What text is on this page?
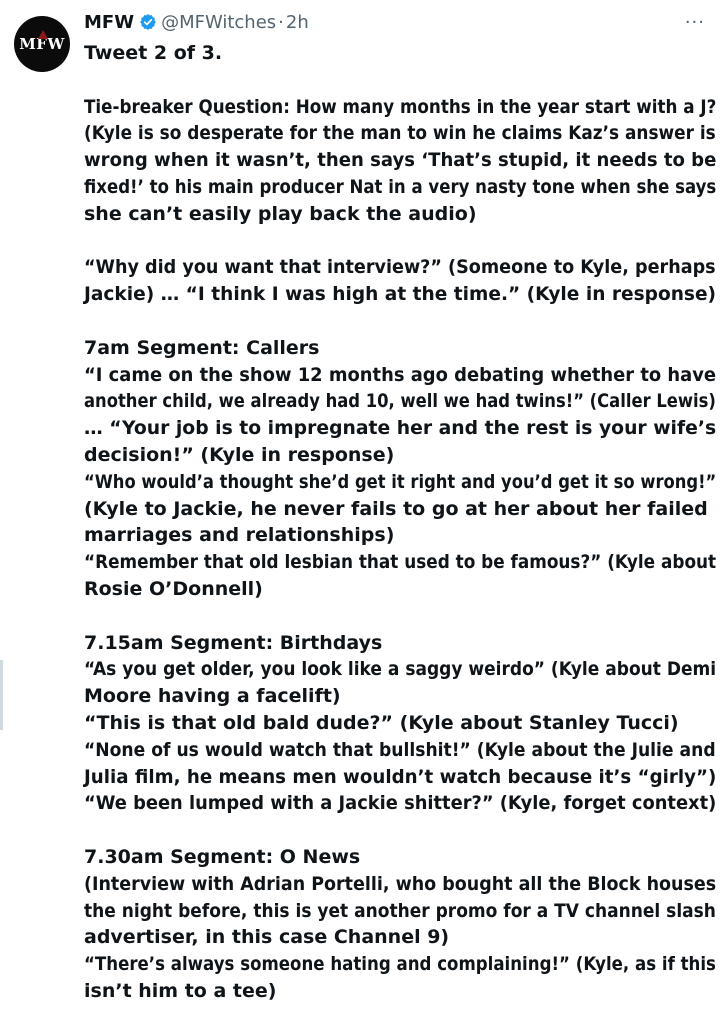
MFW
MFW @MFWitches · 2h	···

Tweet 2 of 3.

Tie-breaker Question: How many months in the year start with a J?
(Kyle is so desperate for the man to win he claims Kaz’s answer is
wrong when it wasn’t, then says ‘That’s stupid, it needs to be
fixed!’ to his main producer Nat in a very nasty tone when she says
she can’t easily play back the audio)

“Why did you want that interview?” (Someone to Kyle, perhaps
Jackie) … “I think I was high at the time.” (Kyle in response)

7am Segment: Callers
“I came on the show 12 months ago debating whether to have
another child, we already had 10, well we had twins!” (Caller Lewis)
… “Your job is to impregnate her and the rest is your wife’s
decision!” (Kyle in response)
“Who would’a thought she’d get it right and you’d get it so wrong!”
(Kyle to Jackie, he never fails to go at her about her failed
marriages and relationships)
“Remember that old lesbian that used to be famous?” (Kyle about
Rosie O’Donnell)

7.15am Segment: Birthdays
“As you get older, you look like a saggy weirdo” (Kyle about Demi
Moore having a facelift)
“This is that old bald dude?” (Kyle about Stanley Tucci)
“None of us would watch that bullshit!” (Kyle about the Julie and
Julia film, he means men wouldn’t watch because it’s “girly”)
“We been lumped with a Jackie shitter?” (Kyle, forget context)

7.30am Segment: O News
(Interview with Adrian Portelli, who bought all the Block houses
the night before, this is yet another promo for a TV channel slash
advertiser, in this case Channel 9)
“There’s always someone hating and complaining!” (Kyle, as if this
isn’t him to a tee)
